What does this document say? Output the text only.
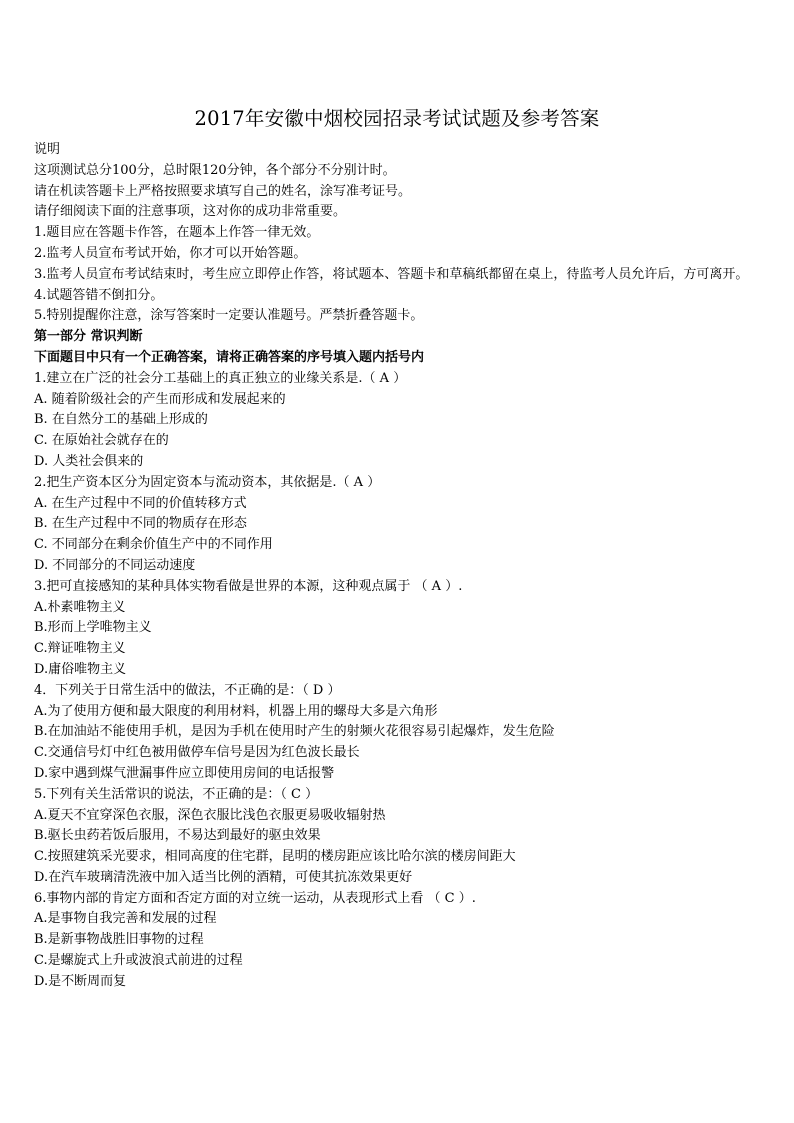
2017年安徽中烟校园招录考试试题及参考答案
说明
这项测试总分100分，总时限120分钟，各个部分不分别计时。
请在机读答题卡上严格按照要求填写自己的姓名，涂写准考证号。
请仔细阅读下面的注意事项，这对你的成功非常重要。
1.题目应在答题卡作答，在题本上作答一律无效。
2.监考人员宣布考试开始，你才可以开始答题。
3.监考人员宣布考试结束时，考生应立即停止作答，将试题本、答题卡和草稿纸都留在桌上，待监考人员允许后，方可离开。
4.试题答错不倒扣分。
5.特别提醒你注意，涂写答案时一定要认准题号。严禁折叠答题卡。
第一部分 常识判断
下面题目中只有一个正确答案，请将正确答案的序号填入题内括号内
1.建立在广泛的社会分工基础上的真正独立的业缘关系是.（ A ）
A. 随着阶级社会的产生而形成和发展起来的
B. 在自然分工的基础上形成的
C. 在原始社会就存在的
D. 人类社会俱来的
2.把生产资本区分为固定资本与流动资本，其依据是.（ A ）
A. 在生产过程中不同的价值转移方式
B. 在生产过程中不同的物质存在形态
C. 不同部分在剩余价值生产中的不同作用
D. 不同部分的不同运动速度
3.把可直接感知的某种具体实物看做是世界的本源，这种观点属于 （ A ）.
A.朴素唯物主义
B.形而上学唯物主义
C.辩证唯物主义
D.庸俗唯物主义
4．下列关于日常生活中的做法，不正确的是：（ D ）
A.为了使用方便和最大限度的利用材料，机器上用的螺母大多是六角形
B.在加油站不能使用手机，是因为手机在使用时产生的射频火花很容易引起爆炸，发生危险
C.交通信号灯中红色被用做停车信号是因为红色波长最长
D.家中遇到煤气泄漏事件应立即使用房间的电话报警
5.下列有关生活常识的说法，不正确的是：（ C ）
A.夏天不宜穿深色衣服，深色衣服比浅色衣服更易吸收辐射热
B.驱长虫药若饭后服用，不易达到最好的驱虫效果
C.按照建筑采光要求，相同高度的住宅群，昆明的楼房距应该比哈尔滨的楼房间距大
D.在汽车玻璃清洗液中加入适当比例的酒精，可使其抗冻效果更好
6.事物内部的肯定方面和否定方面的对立统一运动，从表现形式上看 （ C ）.
A.是事物自我完善和发展的过程
B.是新事物战胜旧事物的过程
C.是螺旋式上升或波浪式前进的过程
D.是不断周而复
